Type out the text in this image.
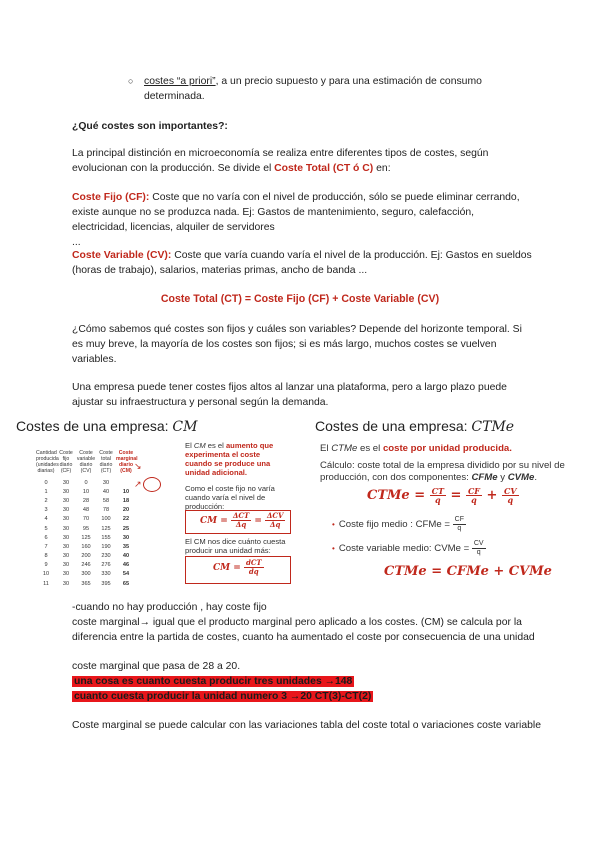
○ costes “a priori”, a un precio supuesto y para una estimación de consumo determinada.
¿Qué costes son importantes?:
La principal distinción en microeconomía se realiza entre diferentes tipos de costes, según evolucionan con la producción. Se divide el Coste Total (CT ó C) en:
Coste Fijo (CF): Coste que no varía con el nivel de producción, sólo se puede eliminar cerrando, existe aunque no se produzca nada. Ej: Gastos de mantenimiento, seguro, calefacción, electricidad, licencias, alquiler de servidores
...
Coste Variable (CV): Coste que varía cuando varía el nivel de la producción. Ej: Gastos en sueldos (horas de trabajo), salarios, materias primas, ancho de banda ...
Coste Total (CT) = Coste Fijo (CF) + Coste Variable (CV)
¿Cómo sabemos qué costes son fijos y cuáles son variables? Depende del horizonte temporal. Si es muy breve, la mayoría de los costes son fijos; si es más largo, muchos costes se vuelven variables.
Una empresa puede tener costes fijos altos al lanzar una plataforma, pero a largo plazo puede ajustar su infraestructura y personal según la demanda.
Costes de una empresa: CM
Cantidad producida (unidades diarias)
Coste fijo diario (CF)
Coste variable diario (CV)
Coste total diario (CT)
Coste marginal diario (CM)
0	30	0	30
1	30	10	40	10
2	30	28	58	18
3	30	48	78	20
4	30	70	100	22
5	30	95	125	25
6	30	125	155	30
7	30	160	190	35
8	30	200	230	40
9	30	246	276	46
10	30	300	330	54
11	30	365	395	65
↘
↗
El CM es el aumento que experimenta el coste cuando se produce una unidad adicional.
Como el coste fijo no varía cuando varía el nivel de producción:
CM = $\frac{\text{ΔCT}}{\Delta q} = \frac{\text{ΔCV}}{\Delta q}$
El CM nos dice cuánto cuesta producir una unidad más:
CM = $\frac{\text{dCT}}{dq}$
Costes de una empresa: CTMe
El CTMe es el coste por unidad producida.
Cálculo: coste total de la empresa dividido por su nivel de producción, con dos componentes: CFMe y CVMe.
CTMe = $\frac{CT}{q} = \frac{CF}{q} + \frac{CV}{q}$
• Coste fijo medio : CFMe = $\frac{CF}{q}$
• Coste variable medio: CVMe = $\frac{CV}{q}$
CTMe = CFMe + CVMe
-cuando no hay producción , hay coste fijo
coste marginal→ igual que el producto marginal pero aplicado a los costes. (CM) se calcula por la diferencia entre la partida de costes, cuanto ha aumentado el coste por consecuencia de una unidad
coste marginal que pasa de 28 a 20.
una cosa es cuanto cuesta producir tres unidades →148
cuanto cuesta producir la unidad numero 3 →20 CT(3)-CT(2)
Coste marginal se puede calcular con las variaciones tabla del coste total o variaciones coste variable
